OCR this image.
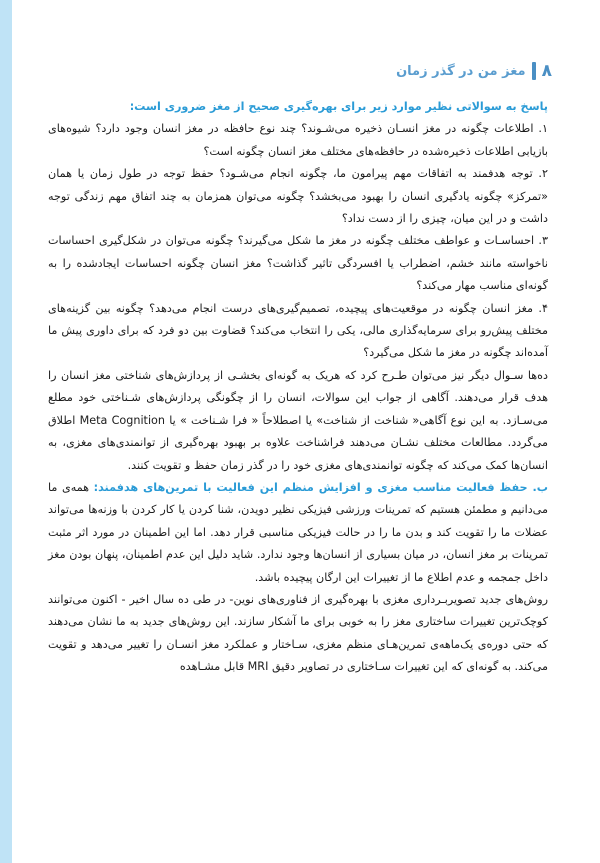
۸
مغز من در گذر زمان

پاسخ به سوالاتی نظیر موارد زیر برای بهره‌گیری صحیح از مغز ضروری است:

۱. اطلاعات چگونه در مغز انسـان ذخیره می‌شـوند؟ چند نوع حافظه در مغز انسان وجود دارد؟ شیوه‌های بازیابی اطلاعات ذخیره‌شده در حافظه‌های مختلف مغز انسان چگونه است؟

۲. توجه هدفمند به اتفاقات مهم پیرامون ما، چگونه انجام می‌شـود؟ حفظ توجه در طول زمان یا همان «تمرکز» چگونه یادگیری انسان را بهبود می‌بخشد؟ چگونه می‌توان همزمان به چند اتفاق مهم زندگی توجه داشت و در این میان، چیزی را از دست نداد؟

۳. احساسـات و عواطف مختلف چگونه در مغز ما شکل می‌گیرند؟ چگونه می‌توان در شکل‌گیری احساسات ناخواسته مانند خشم، اضطراب یا افسردگی تاثیر گذاشت؟ مغز انسان چگونه احساسات ایجادشده را به گونه‌ای مناسب مهار می‌کند؟

۴. مغز انسان چگونه در موقعیت‌های پیچیده، تصمیم‌گیری‌های درست انجام می‌دهد؟ چگونه بین گزینه‌های مختلف پیش‌رو برای سرمایه‌گذاری مالی، یکی را انتخاب می‌کند؟ قضاوت بین دو فرد که برای داوری پیش ما آمده‌اند چگونه در مغز ما شکل می‌گیرد؟

ده‌ها سـوال دیگر نیز می‌توان طـرح کرد که هریک به گونه‌ای بخشـی از پردازش‌های شناختی مغز انسان را هدف قرار می‌دهند. آگاهی از جواب این سوالات، انسان را از چگونگی پردازش‌های شـناختی خود مطلع می‌سـازد. به این نوع آگاهی« شناخت از شناخت» یا اصطلاحاً « فرا شـناخت » یا Meta Cognition اطلاق می‌گردد. مطالعات مختلف نشـان می‌دهند فراشناخت علاوه بر بهبود بهره‌گیری از توانمندی‌های مغزی، به انسان‌ها کمک می‌کند که چگونه توانمندی‌های مغزی خود را در گذر زمان حفظ و تقویت کنند.

ب. حفظ فعالیت مناسب مغزی و افزایش منظم این فعالیت با تمرین‌های هدفمند: همه‌ی ما می‌دانیم و مطمئن هستیم که تمرینات ورزشی فیزیکی نظیر دویدن، شنا کردن یا کار کردن با وزنه‌ها می‌تواند عضلات ما را تقویت کند و بدن ما را در حالت فیزیکی مناسبی قرار دهد. اما این اطمینان در مورد اثر مثبت تمرینات بر مغز انسان، در میان بسیاری از انسان‌ها وجود ندارد. شاید دلیل این عدم اطمینان، پنهان بودن مغز داخل جمجمه و عدم اطلاع ما از تغییرات این ارگان پیچیده باشد.

روش‌های جدید تصویربـرداری مغزی با بهره‌گیری از فناوری‌های نوین- در طی ده سال اخیر - اکنون می‌توانند کوچک‌ترین تغییرات ساختاری مغز را به خوبی برای ما آشکار سازند. این روش‌های جدید به ما نشان می‌دهند که حتی دوره‌ی یک‌ماهه‌ی تمرین‌هـای منظم مغزی، سـاختار و عملکرد مغز انسـان را تغییر می‌دهد و تقویت می‌کند. به گونه‌ای که این تغییرات سـاختاری در تصاویر دقیق MRI قابل مشـاهده
